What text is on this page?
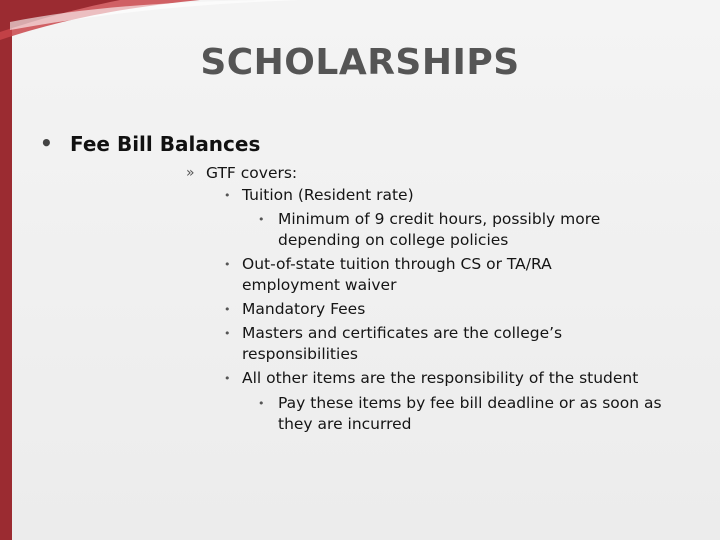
SCHOLARSHIPS
• Fee Bill Balances
» GTF covers:
• Tuition (Resident rate)
• Minimum of 9 credit hours, possibly more
depending on college policies
• Out-of-state tuition through CS or TA/RA
employment waiver
• Mandatory Fees
• Masters and certificates are the college’s
responsibilities
• All other items are the responsibility of the student
• Pay these items by fee bill deadline or as soon as
they are incurred
